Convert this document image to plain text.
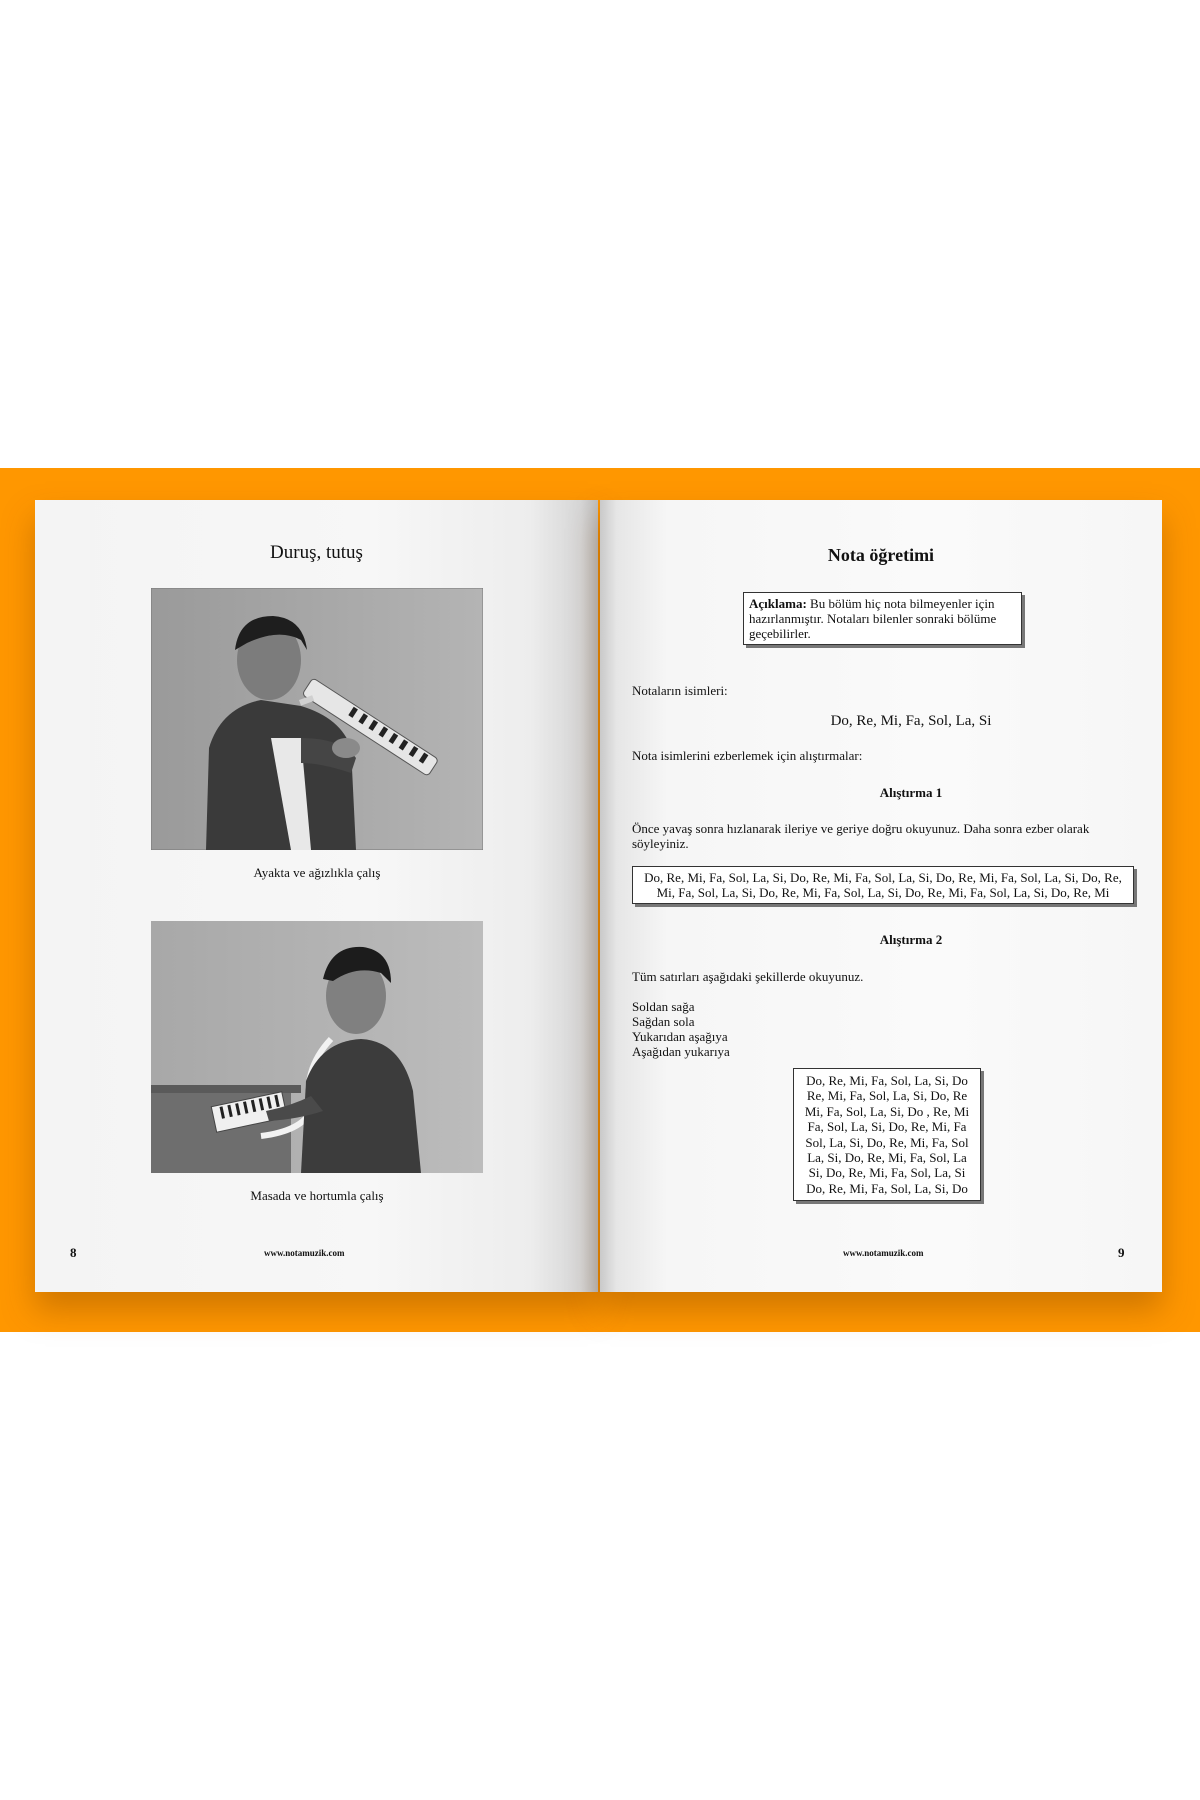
Duruş, tutuş
Ayakta ve ağızlıkla çalış
Masada ve hortumla çalış
8	www.notamuzik.com
Nota öğretimi
Açıklama: Bu bölüm hiç nota bilmeyenler için hazırlanmıştır. Notaları bilenler sonraki bölüme geçebilirler.
Notaların isimleri:
Do, Re, Mi, Fa, Sol, La, Si
Nota isimlerini ezberlemek için alıştırmalar:
Alıştırma 1
Önce yavaş sonra hızlanarak ileriye ve geriye doğru okuyunuz. Daha sonra ezber olarak söyleyiniz.
Do, Re, Mi, Fa, Sol, La, Si, Do, Re, Mi, Fa, Sol, La, Si, Do, Re, Mi, Fa, Sol, La, Si, Do, Re, Mi, Fa, Sol, La, Si, Do, Re, Mi, Fa, Sol, La, Si, Do, Re, Mi, Fa, Sol, La, Si, Do, Re, Mi
Alıştırma 2
Tüm satırları aşağıdaki şekillerde okuyunuz.
Soldan sağa
Sağdan sola
Yukarıdan aşağıya
Aşağıdan yukarıya
Do, Re, Mi, Fa, Sol, La, Si, Do
Re, Mi, Fa, Sol, La, Si, Do, Re
Mi, Fa, Sol, La, Si, Do , Re, Mi
Fa, Sol, La, Si, Do, Re, Mi, Fa
Sol, La, Si, Do, Re, Mi, Fa, Sol
La, Si, Do, Re, Mi, Fa, Sol, La
Si, Do, Re, Mi, Fa, Sol, La, Si
Do, Re, Mi, Fa, Sol, La, Si, Do
www.notamuzik.com	9
